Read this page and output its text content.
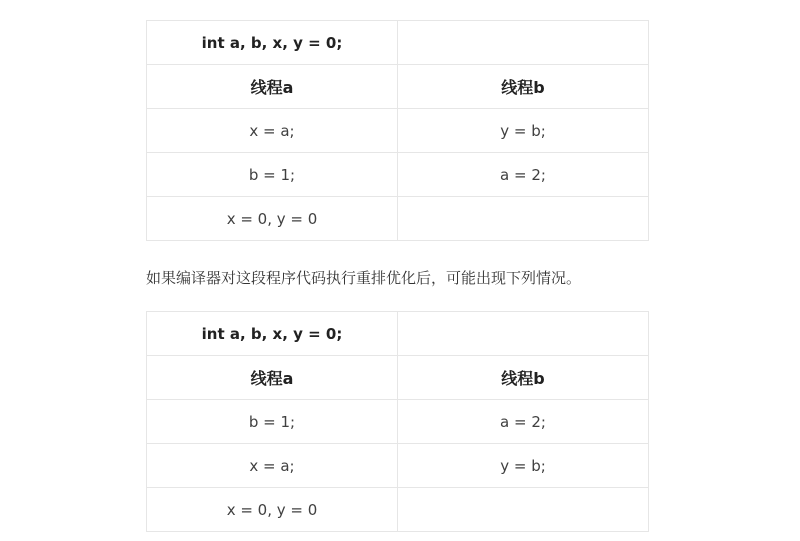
int a, b, x, y = 0;	
线程a	线程b
x = a;	y = b;
b = 1;	a = 2;
x = 0, y = 0	

如果编译器对这段程序代码执行重排优化后，可能出现下列情况。

int a, b, x, y = 0;	
线程a	线程b
b = 1;	a = 2;
x = a;	y = b;
x = 0, y = 0	
